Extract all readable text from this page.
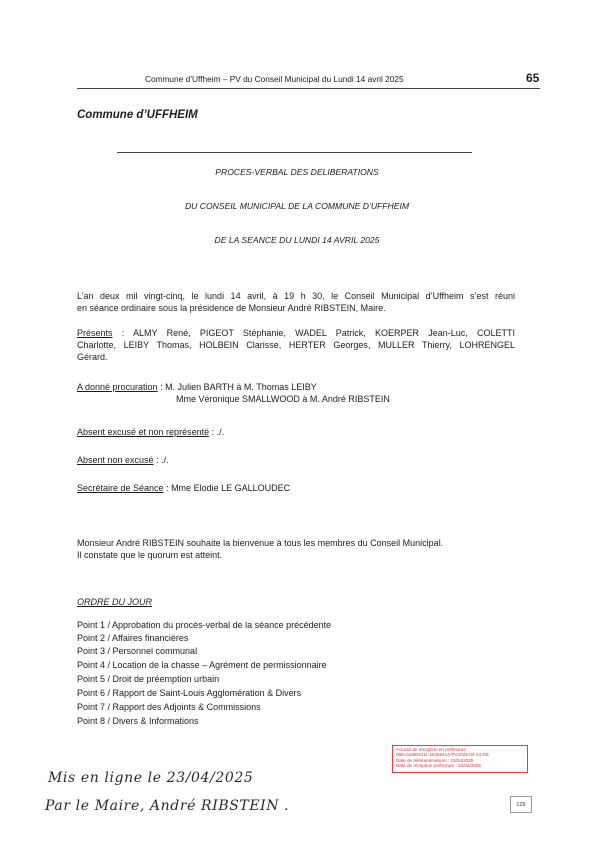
Commune d’Uffheim – PV du Conseil Municipal du Lundi 14 avril 2025	65
Commune d’UFFHEIM
PROCES-VERBAL DES DELIBERATIONS
DU CONSEIL MUNICIPAL DE LA COMMUNE D’UFFHEIM
DE LA SEANCE DU LUNDI 14 AVRIL 2025
L’an deux mil vingt-cinq, le lundi 14 avril, à 19 h 30, le Conseil Municipal d’Uffheim s’est réuni
en séance ordinaire sous la présidence de Monsieur André RIBSTEIN, Maire.
Présents : ALMY René, PIGEOT Stéphanie, WADEL Patrick, KOERPER Jean-Luc, COLETTI
Charlotte, LEIBY Thomas, HOLBEIN Clarisse, HERTER Georges, MULLER Thierry, LOHRENGEL
Gérard.
A donné procuration : M. Julien BARTH à M. Thomas LEIBY
Mme Véronique SMALLWOOD à M. André RIBSTEIN
Absent excusé et non représenté : ./.
Absent non excusé : ./.
Secrétaire de Séance : Mme Elodie LE GALLOUDEC
Monsieur André RIBSTEIN souhaite la bienvenue à tous les membres du Conseil Municipal.
Il constate que le quorum est atteint.
ORDRE DU JOUR
Point 1 / Approbation du procès-verbal de la séance précédente
Point 2 / Affaires financières
Point 3 / Personnel communal
Point 4 / Location de la chasse – Agrément de permissionnaire
Point 5 / Droit de préemption urbain
Point 6 / Rapport de Saint-Louis Agglomération & Divers
Point 7 / Rapport des Adjoints & Commissions
Point 8 / Divers & Informations
Accusé de réception en préfecture
068-216803411-20250414-PV2025-04-14-DE
Date de télétransmission : 22/04/2025
Date de réception préfecture : 22/04/2025
Mis en ligne le 23/04/2025
Par le Maire, André RIBSTEIN .	129
